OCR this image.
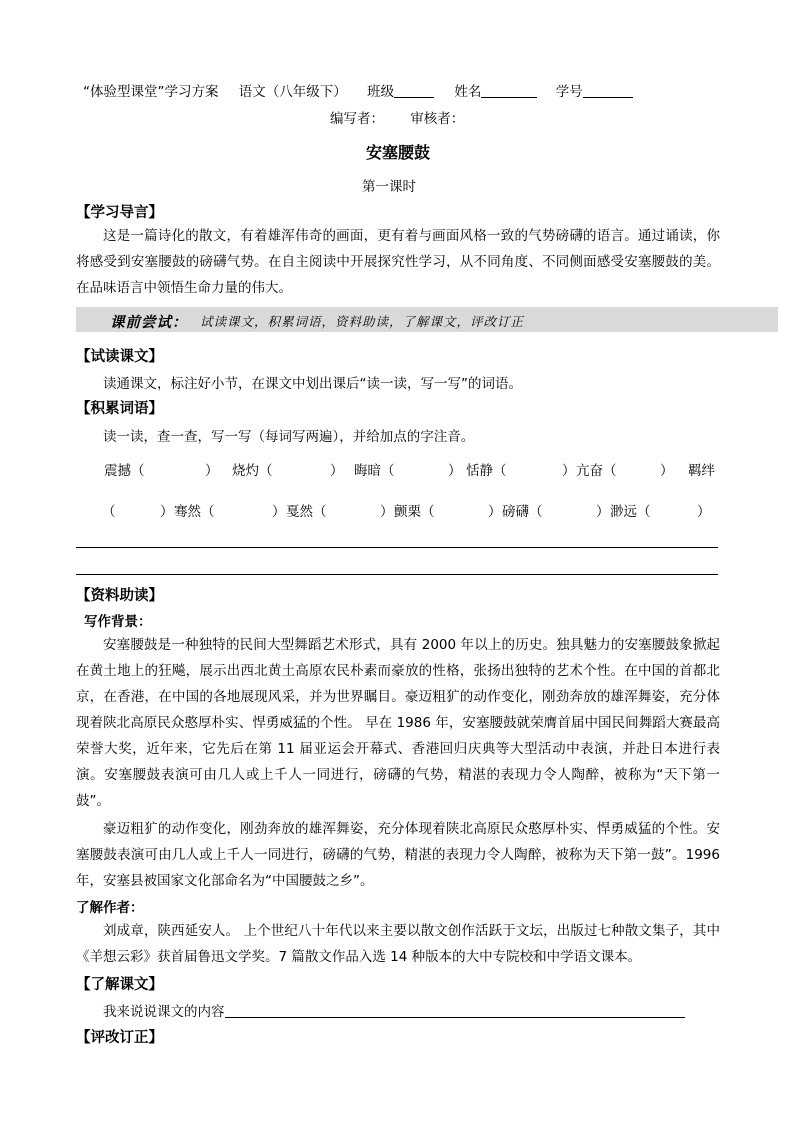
“体验型课堂”学习方案 语文（八年级下） 班级	姓名	学号
编写者： 审核者：
安塞腰鼓
第一课时
【学习导言】

这是一篇诗化的散文，有着雄浑伟奇的画面，更有着与画面风格一致的气势磅礴的语言。通过诵读，你将感受到安塞腰鼓的磅礴气势。在自主阅读中开展探究性学习，从不同角度、不同侧面感受安塞腰鼓的美。在品味语言中领悟生命力量的伟大。

课前尝试： 试读课文，积累词语，资料助读，了解课文，评改订正
【试读课文】
读通课文，标注好小节，在课文中划出课后“读一读，写一写”的词语。
【积累词语】
读一读，查一查，写一写（每词写两遍），并给加点的字注音。
震撼（	） 烧灼（	） 晦暗（	） 恬静（	） 亢奋（	） 羁绊
（	） 骞然（	） 戛然（	） 颤栗（	） 磅礴（	） 渺远（	）
【资料助读】
写作背景：

安塞腰鼓是一种独特的民间大型舞蹈艺术形式，具有 2000 年以上的历史。独具魅力的安塞腰鼓象掀起在黄土地上的狂飚，展示出西北黄土高原农民朴素而豪放的性格，张扬出独特的艺术个性。在中国的首都北京，在香港，在中国的各地展现风采，并为世界瞩目。豪迈粗犷的动作变化，刚劲奔放的雄浑舞姿，充分体现着陕北高原民众憨厚朴实、悍勇威猛的个性。 早在 1986 年，安塞腰鼓就荣膺首届中国民间舞蹈大赛最高荣誉大奖，近年来，它先后在第 11 届亚运会开幕式、香港回归庆典等大型活动中表演，并赴日本进行表演。安塞腰鼓表演可由几人或上千人一同进行，磅礴的气势，精湛的表现力令人陶醉，被称为“天下第一鼓”。

豪迈粗犷的动作变化，刚劲奔放的雄浑舞姿，充分体现着陕北高原民众憨厚朴实、悍勇威猛的个性。安塞腰鼓表演可由几人或上千人一同进行，磅礴的气势，精湛的表现力令人陶醉，被称为天下第一鼓”。1996年，安塞县被国家文化部命名为“中国腰鼓之乡”。

了解作者：

刘成章，陕西延安人。 上个世纪八十年代以来主要以散文创作活跃于文坛，出版过七种散文集子，其中《羊想云彩》获首届鲁迅文学奖。7 篇散文作品入选 14 种版本的大中专院校和中学语文课本。

【了解课文】
我来说说课文的内容
【评改订正】
